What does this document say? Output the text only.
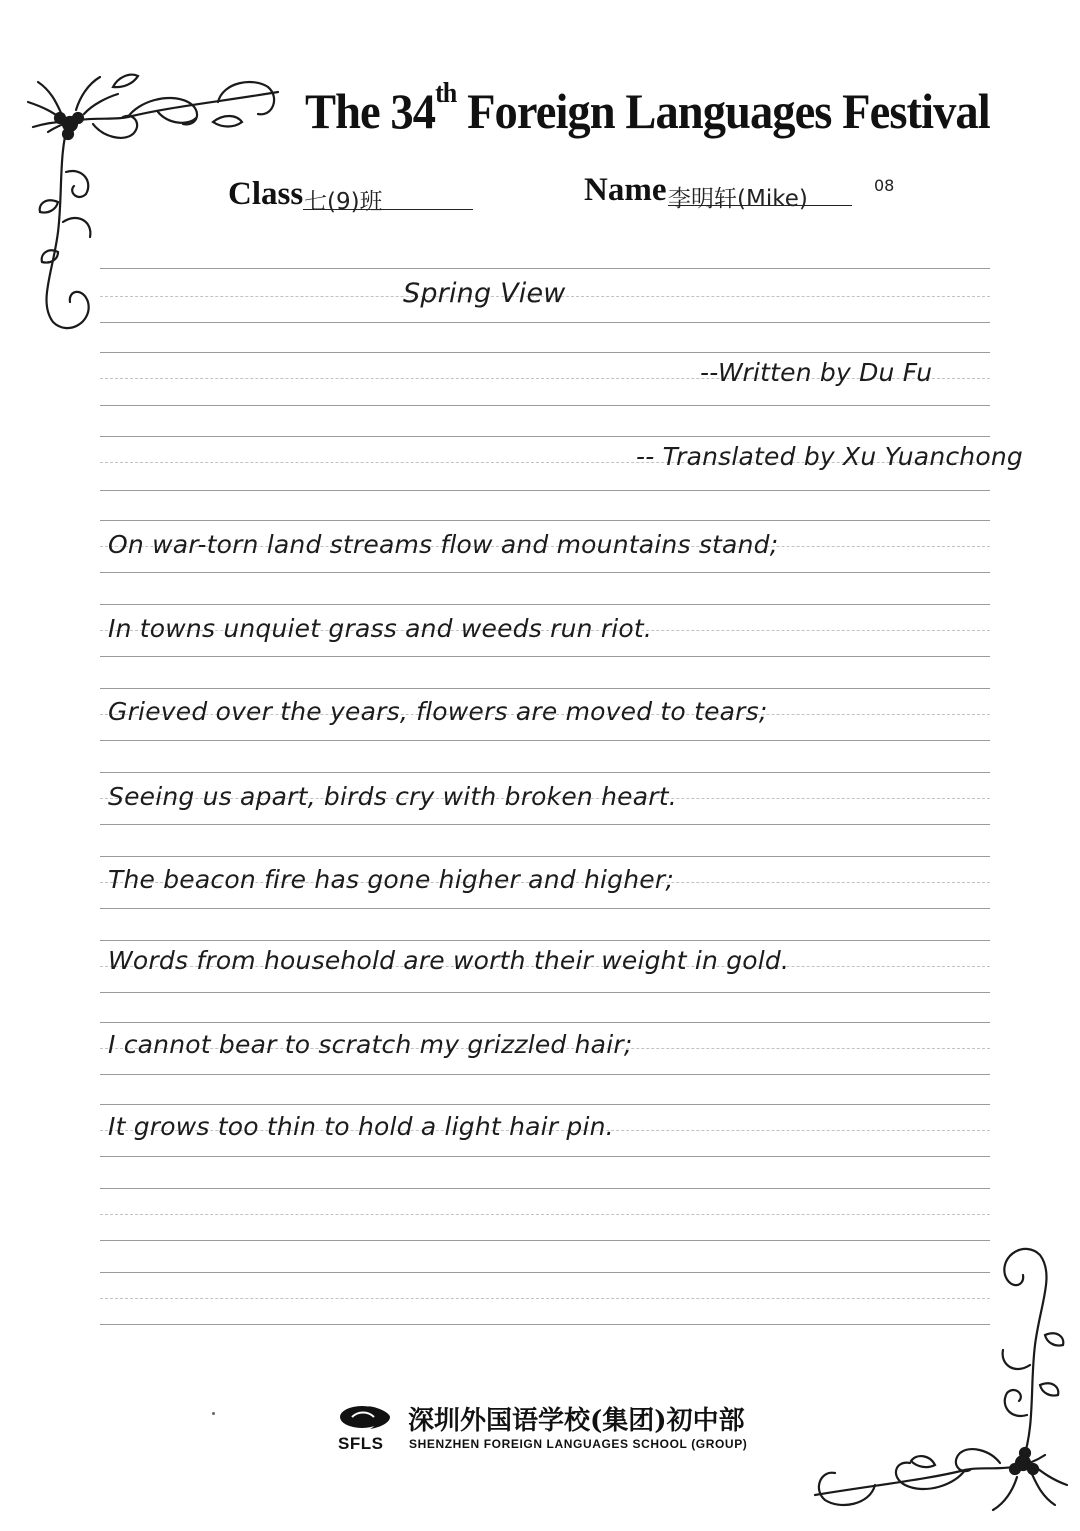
The 34th Foreign Languages Festival
Class 七(9)班	Name 李明轩(Mike)
08
Spring View
--Written by Du Fu
-- Translated by Xu Yuanchong
On war-torn land streams flow and mountains stand;
In towns unquiet grass and weeds run riot.
Grieved over the years, flowers are moved to tears;
Seeing us apart, birds cry with broken heart.
The beacon fire has gone higher and higher;
Words from household are worth their weight in gold.
I cannot bear to scratch my grizzled hair;
It grows too thin to hold a light hair pin.
SFLS
深圳外国语学校(集团)初中部
SHENZHEN FOREIGN LANGUAGES SCHOOL (GROUP)
